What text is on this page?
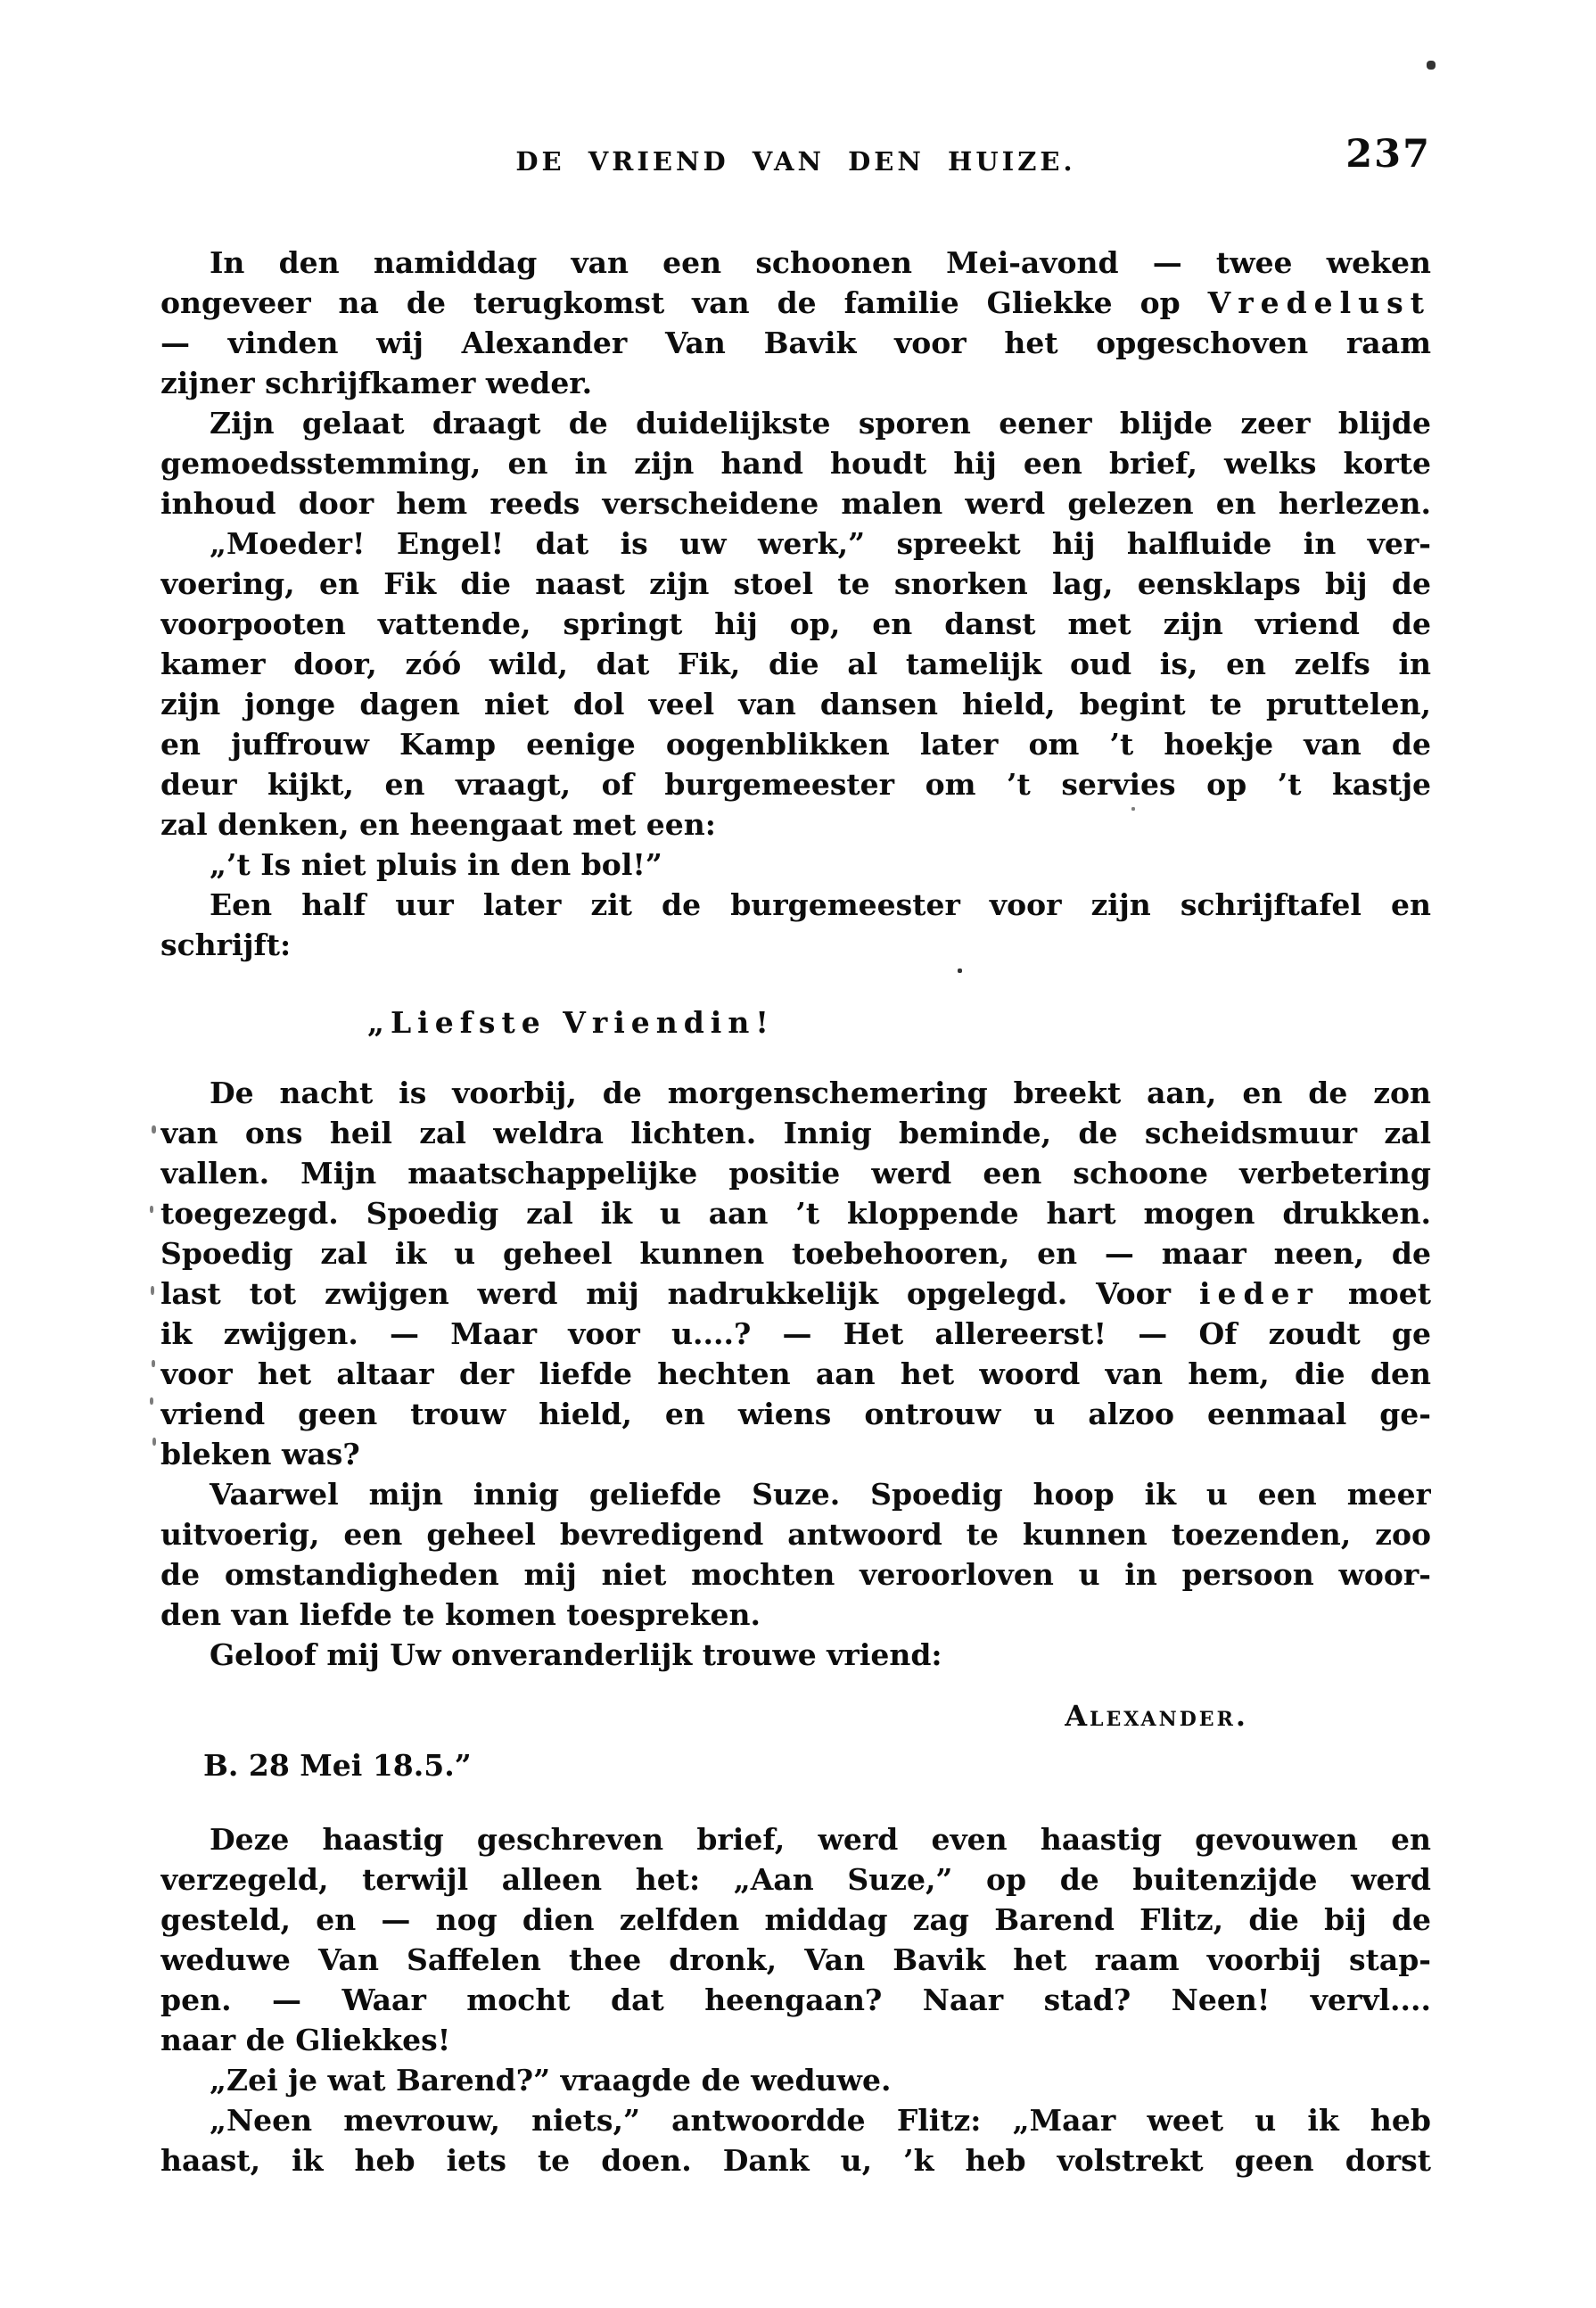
DE VRIEND VAN DEN HUIZE.	237
In den namiddag van een schoonen Mei-avond — twee weken
ongeveer na de terugkomst van de familie Gliekke op Vredelust
— vinden wij Alexander Van Bavik voor het opgeschoven raam
zijner schrijfkamer weder.
Zijn gelaat draagt de duidelijkste sporen eener blijde zeer blijde
gemoedsstemming, en in zijn hand houdt hij een brief, welks korte
inhoud door hem reeds verscheidene malen werd gelezen en herlezen.
„Moeder! Engel! dat is uw werk,” spreekt hij halfluide in ver-
voering, en Fik die naast zijn stoel te snorken lag, eensklaps bij de
voorpooten vattende, springt hij op, en danst met zijn vriend de
kamer door, zóó wild, dat Fik, die al tamelijk oud is, en zelfs in
zijn jonge dagen niet dol veel van dansen hield, begint te pruttelen,
en juffrouw Kamp eenige oogenblikken later om ’t hoekje van de
deur kijkt, en vraagt, of burgemeester om ’t servies op ’t kastje
zal denken, en heengaat met een:
„’t Is niet pluis in den bol!”
Een half uur later zit de burgemeester voor zijn schrijftafel en
schrijft:
„Liefste Vriendin!
De nacht is voorbij, de morgenschemering breekt aan, en de zon
van ons heil zal weldra lichten. Innig beminde, de scheidsmuur zal
vallen. Mijn maatschappelijke positie werd een schoone verbetering
toegezegd. Spoedig zal ik u aan ’t kloppende hart mogen drukken.
Spoedig zal ik u geheel kunnen toebehooren, en — maar neen, de
last tot zwijgen werd mij nadrukkelijk opgelegd. Voor ieder moet
ik zwijgen. — Maar voor u....? — Het allereerst! — Of zoudt ge
voor het altaar der liefde hechten aan het woord van hem, die den
vriend geen trouw hield, en wiens ontrouw u alzoo eenmaal ge-
bleken was?
Vaarwel mijn innig geliefde Suze. Spoedig hoop ik u een meer
uitvoerig, een geheel bevredigend antwoord te kunnen toezenden, zoo
de omstandigheden mij niet mochten veroorloven u in persoon woor-
den van liefde te komen toespreken.
Geloof mij Uw onveranderlijk trouwe vriend:
Alexander.
B. 28 Mei 18.5.”
Deze haastig geschreven brief, werd even haastig gevouwen en
verzegeld, terwijl alleen het: „Aan Suze,” op de buitenzijde werd
gesteld, en — nog dien zelfden middag zag Barend Flitz, die bij de
weduwe Van Saffelen thee dronk, Van Bavik het raam voorbij stap-
pen. — Waar mocht dat heengaan? Naar stad? Neen! vervl....
naar de Gliekkes!
„Zei je wat Barend?” vraagde de weduwe.
„Neen mevrouw, niets,” antwoordde Flitz: „Maar weet u ik heb
haast, ik heb iets te doen. Dank u, ’k heb volstrekt geen dorst
